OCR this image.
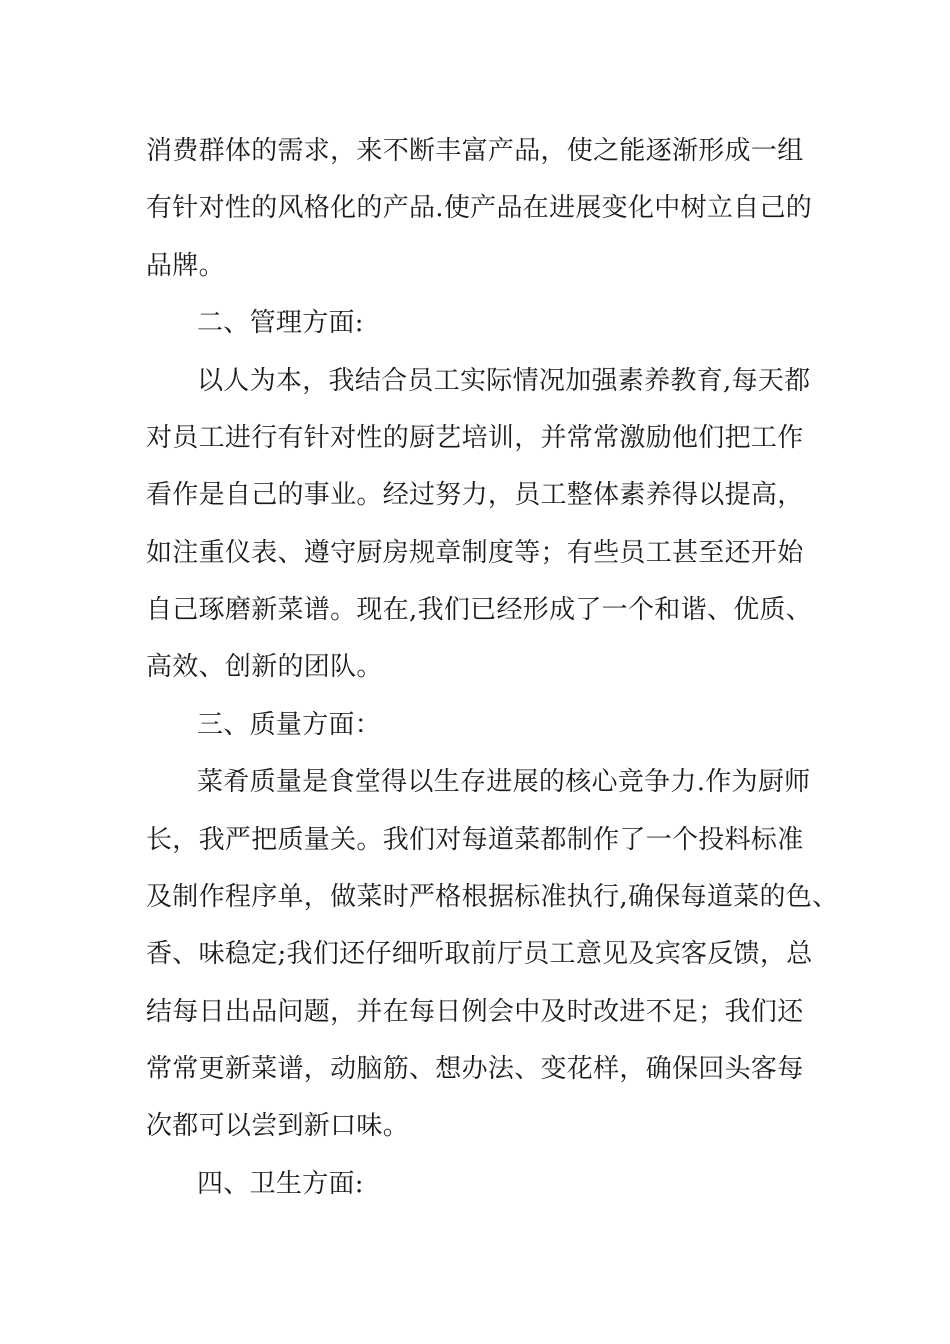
消费群体的需求，来不断丰富产品，使之能逐渐形成一组
有针对性的风格化的产品.使产品在进展变化中树立自己的
品牌。
二、管理方面:
以人为本，我结合员工实际情况加强素养教育,每天都
对员工进行有针对性的厨艺培训，并常常激励他们把工作
看作是自己的事业。经过努力，员工整体素养得以提高，
如注重仪表、遵守厨房规章制度等；有些员工甚至还开始
自己琢磨新菜谱。现在,我们已经形成了一个和谐、优质、
高效、创新的团队。
三、质量方面：
菜肴质量是食堂得以生存进展的核心竞争力.作为厨师
长，我严把质量关。我们对每道菜都制作了一个投料标准
及制作程序单，做菜时严格根据标准执行,确保每道菜的色、
香、味稳定;我们还仔细听取前厅员工意见及宾客反馈，总
结每日出品问题，并在每日例会中及时改进不足；我们还
常常更新菜谱，动脑筋、想办法、变花样，确保回头客每
次都可以尝到新口味。
四、卫生方面:
